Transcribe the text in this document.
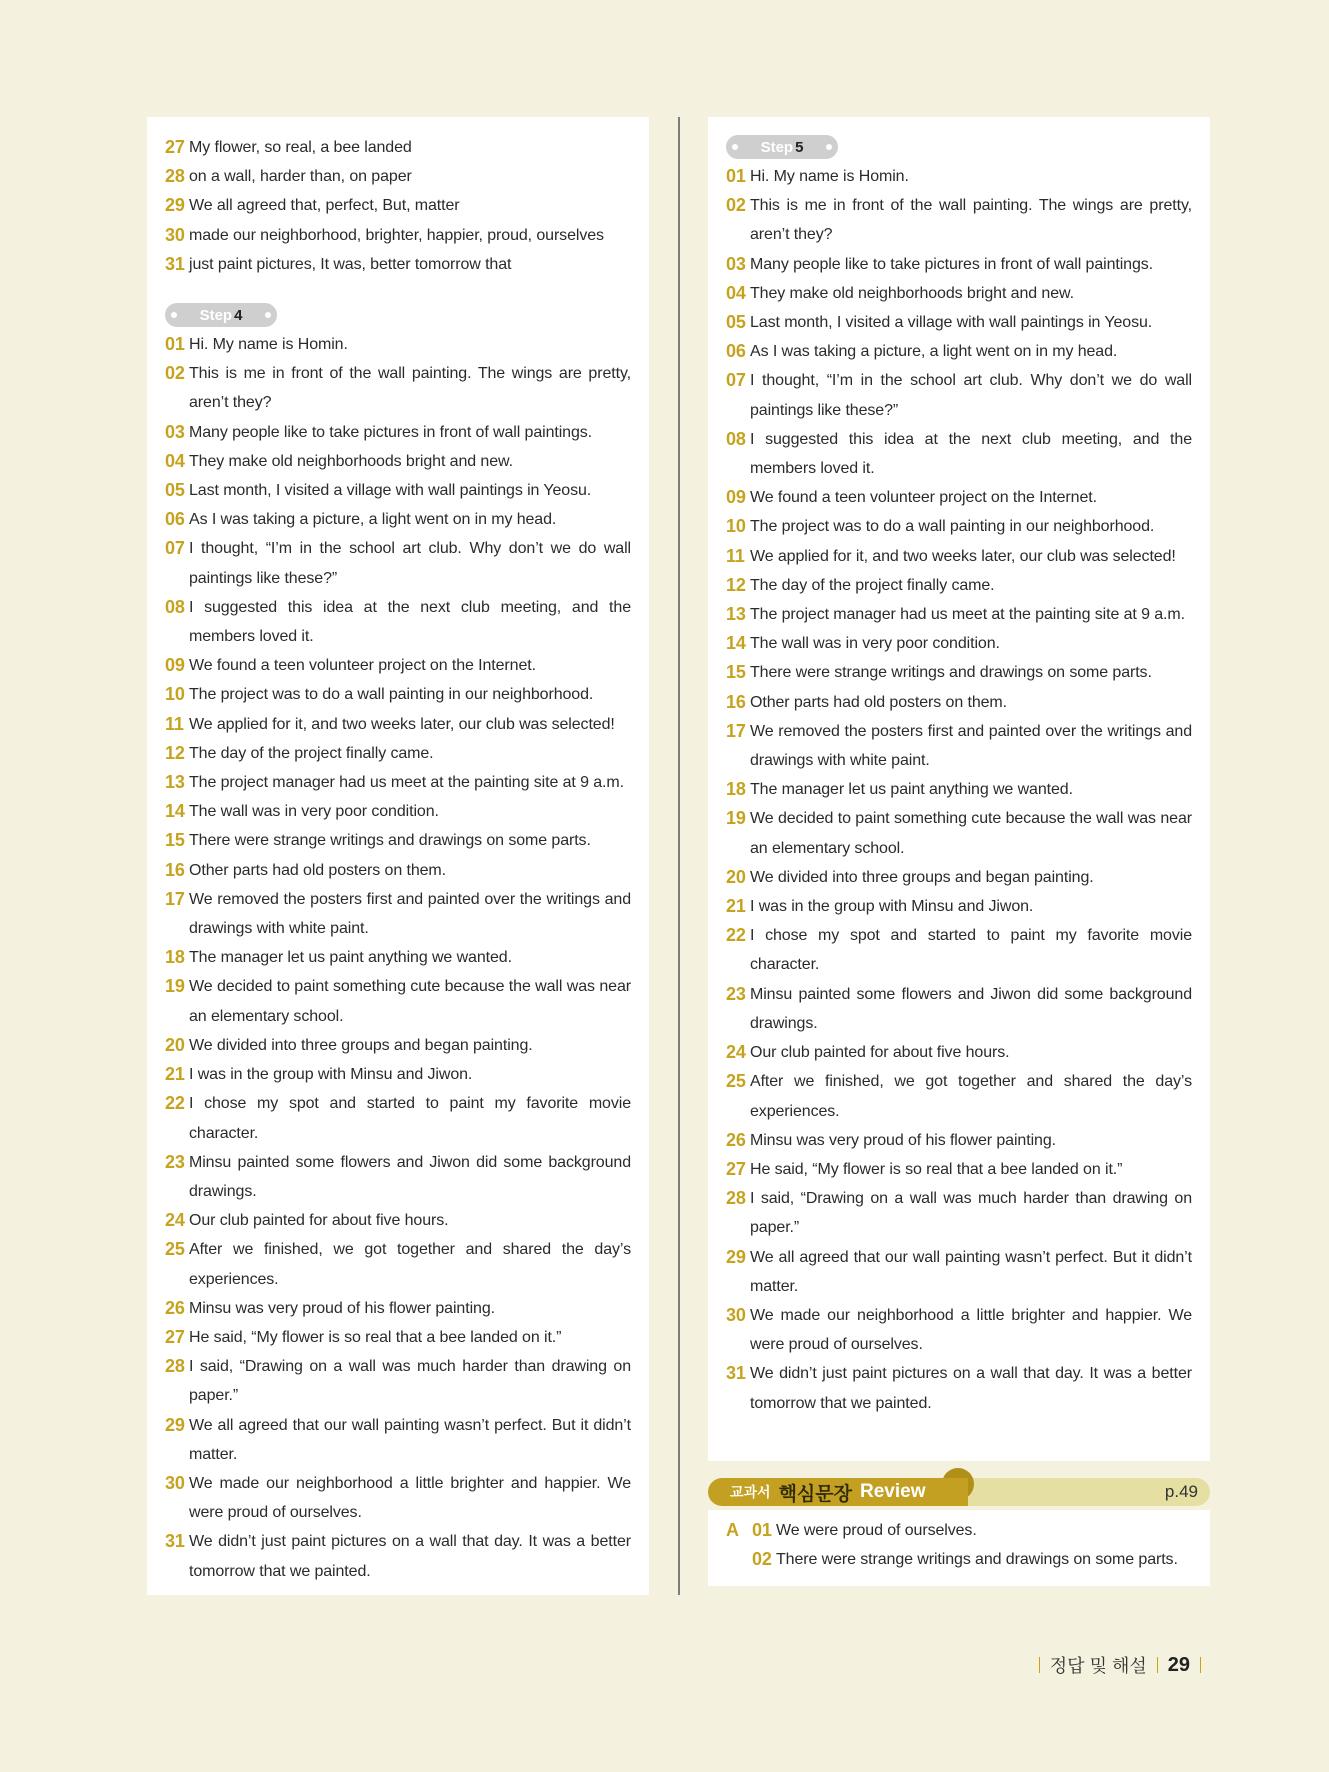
27 My flower, so real, a bee landed
28 on a wall, harder than, on paper
29 We all agreed that, perfect, But, matter
30 made our neighborhood, brighter, happier, proud, ourselves
31 just paint pictures, It was, better tomorrow that
Step 4
01 Hi. My name is Homin.
02 This is me in front of the wall painting. The wings are pretty, aren’t they?
03 Many people like to take pictures in front of wall paintings.
04 They make old neighborhoods bright and new.
05 Last month, I visited a village with wall paintings in Yeosu.
06 As I was taking a picture, a light went on in my head.
07 I thought, “I’m in the school art club. Why don’t we do wall paintings like these?”
08 I suggested this idea at the next club meeting, and the members loved it.
09 We found a teen volunteer project on the Internet.
10 The project was to do a wall painting in our neighborhood.
11 We applied for it, and two weeks later, our club was selected!
12 The day of the project finally came.
13 The project manager had us meet at the painting site at 9 a.m.
14 The wall was in very poor condition.
15 There were strange writings and drawings on some parts.
16 Other parts had old posters on them.
17 We removed the posters first and painted over the writings and drawings with white paint.
18 The manager let us paint anything we wanted.
19 We decided to paint something cute because the wall was near an elementary school.
20 We divided into three groups and began painting.
21 I was in the group with Minsu and Jiwon.
22 I chose my spot and started to paint my favorite movie character.
23 Minsu painted some flowers and Jiwon did some background drawings.
24 Our club painted for about five hours.
25 After we finished, we got together and shared the day’s experiences.
26 Minsu was very proud of his flower painting.
27 He said, “My flower is so real that a bee landed on it.”
28 I said, “Drawing on a wall was much harder than drawing on paper.”
29 We all agreed that our wall painting wasn’t perfect. But it didn’t matter.
30 We made our neighborhood a little brighter and happier. We were proud of ourselves.
31 We didn’t just paint pictures on a wall that day. It was a better tomorrow that we painted.
Step 5
01 Hi. My name is Homin.
02 This is me in front of the wall painting. The wings are pretty, aren’t they?
03 Many people like to take pictures in front of wall paintings.
04 They make old neighborhoods bright and new.
05 Last month, I visited a village with wall paintings in Yeosu.
06 As I was taking a picture, a light went on in my head.
07 I thought, “I’m in the school art club. Why don’t we do wall paintings like these?”
08 I suggested this idea at the next club meeting, and the members loved it.
09 We found a teen volunteer project on the Internet.
10 The project was to do a wall painting in our neighborhood.
11 We applied for it, and two weeks later, our club was selected!
12 The day of the project finally came.
13 The project manager had us meet at the painting site at 9 a.m.
14 The wall was in very poor condition.
15 There were strange writings and drawings on some parts.
16 Other parts had old posters on them.
17 We removed the posters first and painted over the writings and drawings with white paint.
18 The manager let us paint anything we wanted.
19 We decided to paint something cute because the wall was near an elementary school.
20 We divided into three groups and began painting.
21 I was in the group with Minsu and Jiwon.
22 I chose my spot and started to paint my favorite movie character.
23 Minsu painted some flowers and Jiwon did some background drawings.
24 Our club painted for about five hours.
25 After we finished, we got together and shared the day’s experiences.
26 Minsu was very proud of his flower painting.
27 He said, “My flower is so real that a bee landed on it.”
28 I said, “Drawing on a wall was much harder than drawing on paper.”
29 We all agreed that our wall painting wasn’t perfect. But it didn’t matter.
30 We made our neighborhood a little brighter and happier. We were proud of ourselves.
31 We didn’t just paint pictures on a wall that day. It was a better tomorrow that we painted.
교과서 핵심문장 Review	p.49
A 01 We were proud of ourselves.
02 There were strange writings and drawings on some parts.
정답 및 해설 29
